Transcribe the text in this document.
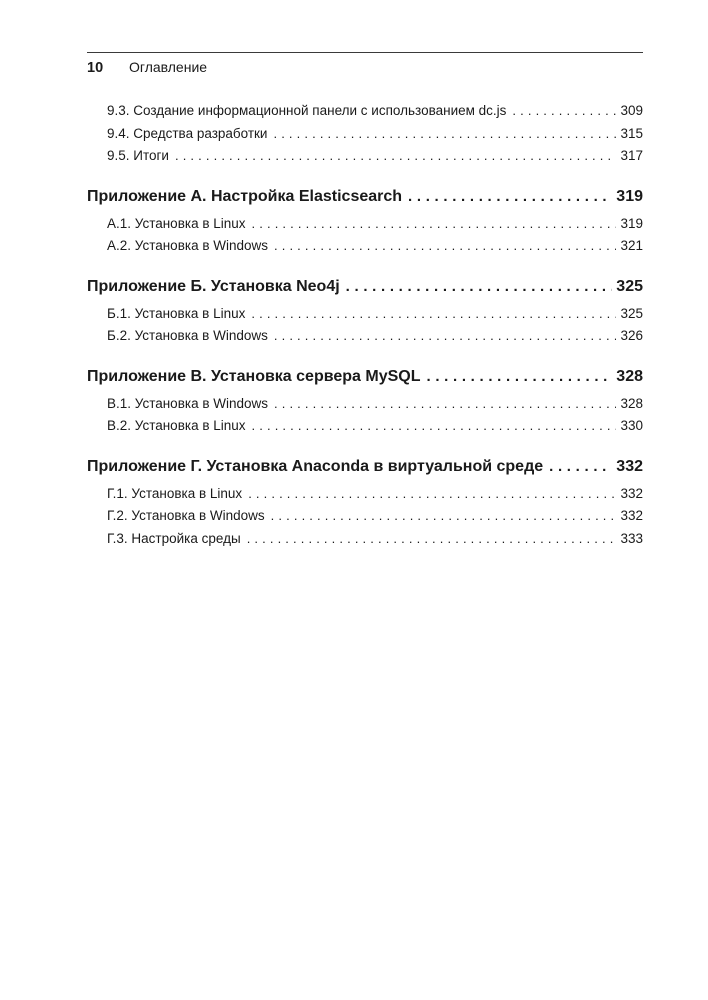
10	Оглавление
9.3. Создание информационной панели с использованием dc.js . . .	309
9.4. Средства разработки . . .	315
9.5. Итоги . . .	317
Приложение А. Настройка Elasticsearch . . .	319
А.1. Установка в Linux . . .	319
А.2. Установка в Windows . . .	321
Приложение Б. Установка Neo4j . . .	325
Б.1. Установка в Linux . . .	325
Б.2. Установка в Windows . . .	326
Приложение В. Установка сервера MySQL . . .	328
В.1. Установка в Windows . . .	328
В.2. Установка в Linux . . .	330
Приложение Г. Установка Anaconda в виртуальной среде . . .	332
Г.1. Установка в Linux . . .	332
Г.2. Установка в Windows . . .	332
Г.3. Настройка среды . . .	333
